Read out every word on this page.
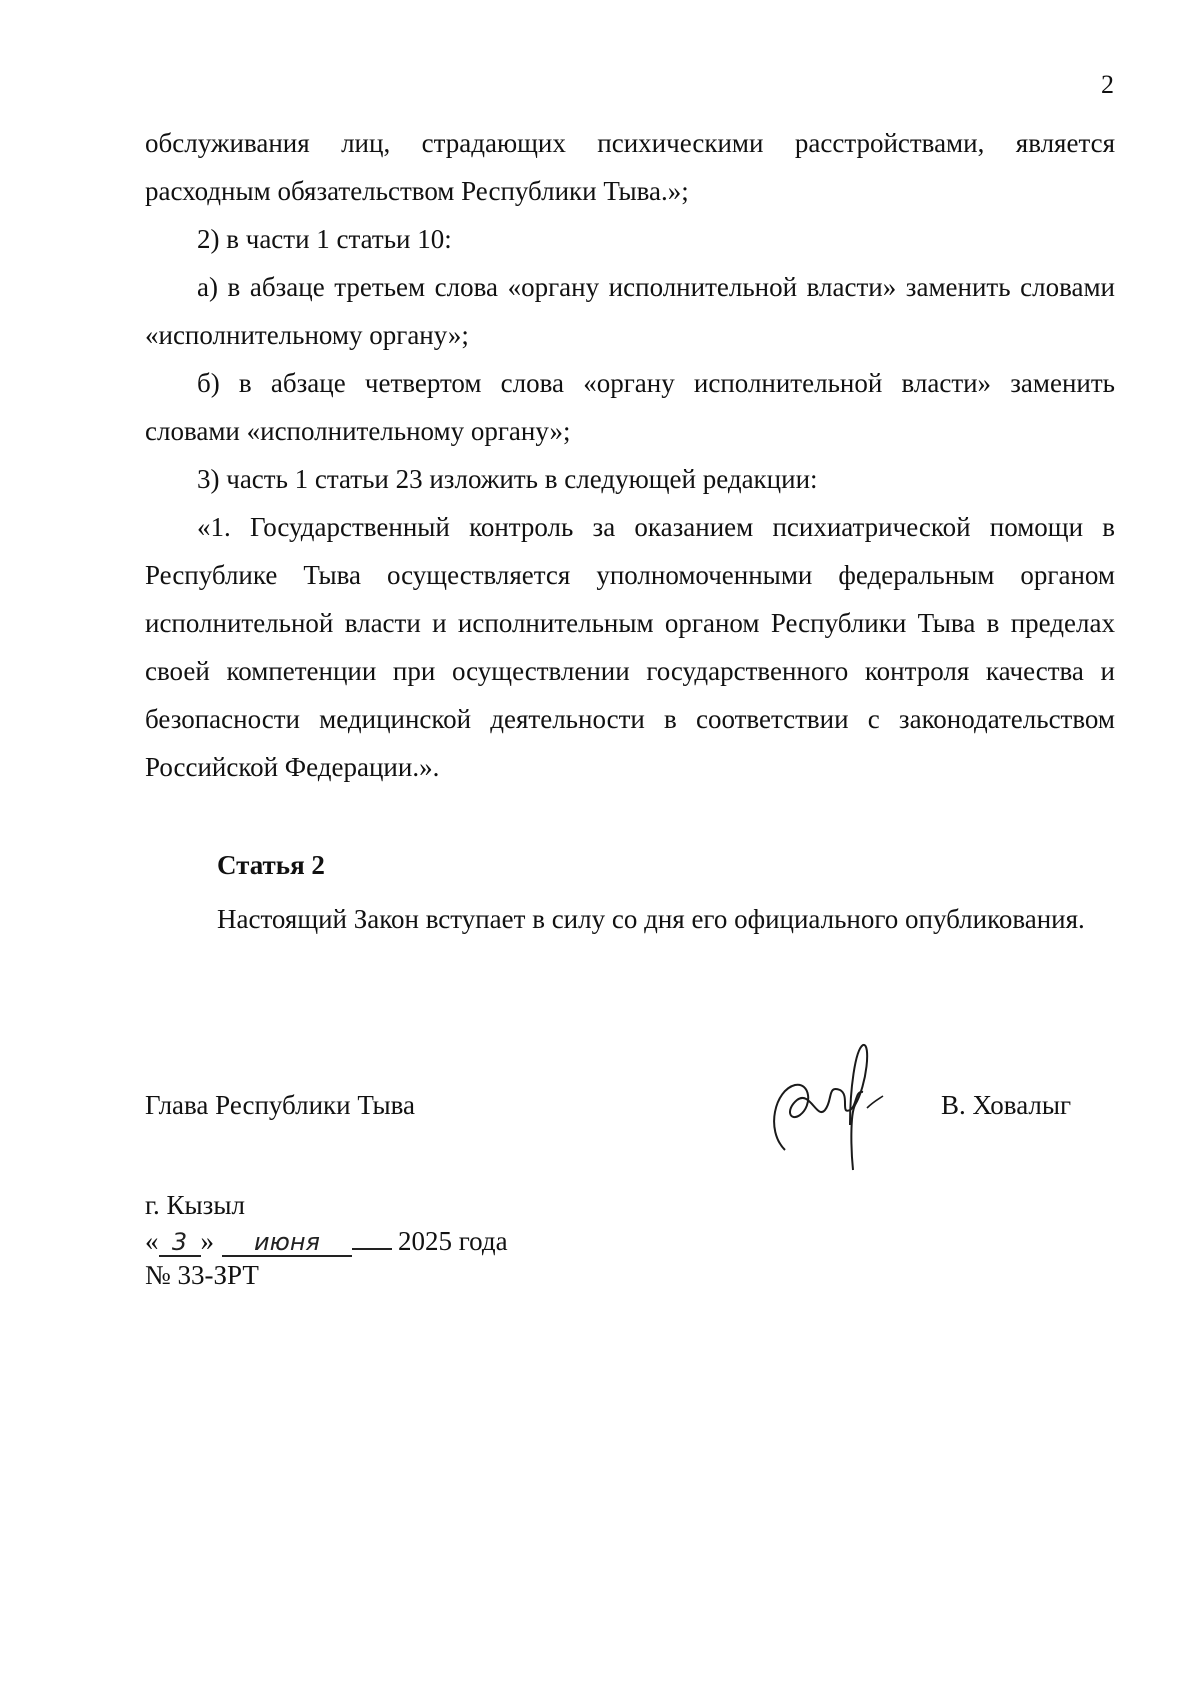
2

обслуживания лиц, страдающих психическими расстройствами, является расходным обязательством Республики Тыва.»;

2) в части 1 статьи 10:

а) в абзаце третьем слова «органу исполнительной власти» заменить словами «исполнительному органу»;

б) в абзаце четвертом слова «органу исполнительной власти» заменить словами «исполнительному органу»;

3) часть 1 статьи 23 изложить в следующей редакции:

«1. Государственный контроль за оказанием психиатрической помощи в Республике Тыва осуществляется уполномоченными федеральным органом исполнительной власти и исполнительным органом Республики Тыва в пределах своей компетенции при осуществлении государственного контроля качества и безопасности медицинской деятельности в соответствии с законодательством Российской Федерации.».

Статья 2

Настоящий Закон вступает в силу со дня его официального опубликования.

Глава Республики Тыва	В. Ховалыг
г. Кызыл
« 3 »	июня	2025 года
№ 33-ЗРТ
